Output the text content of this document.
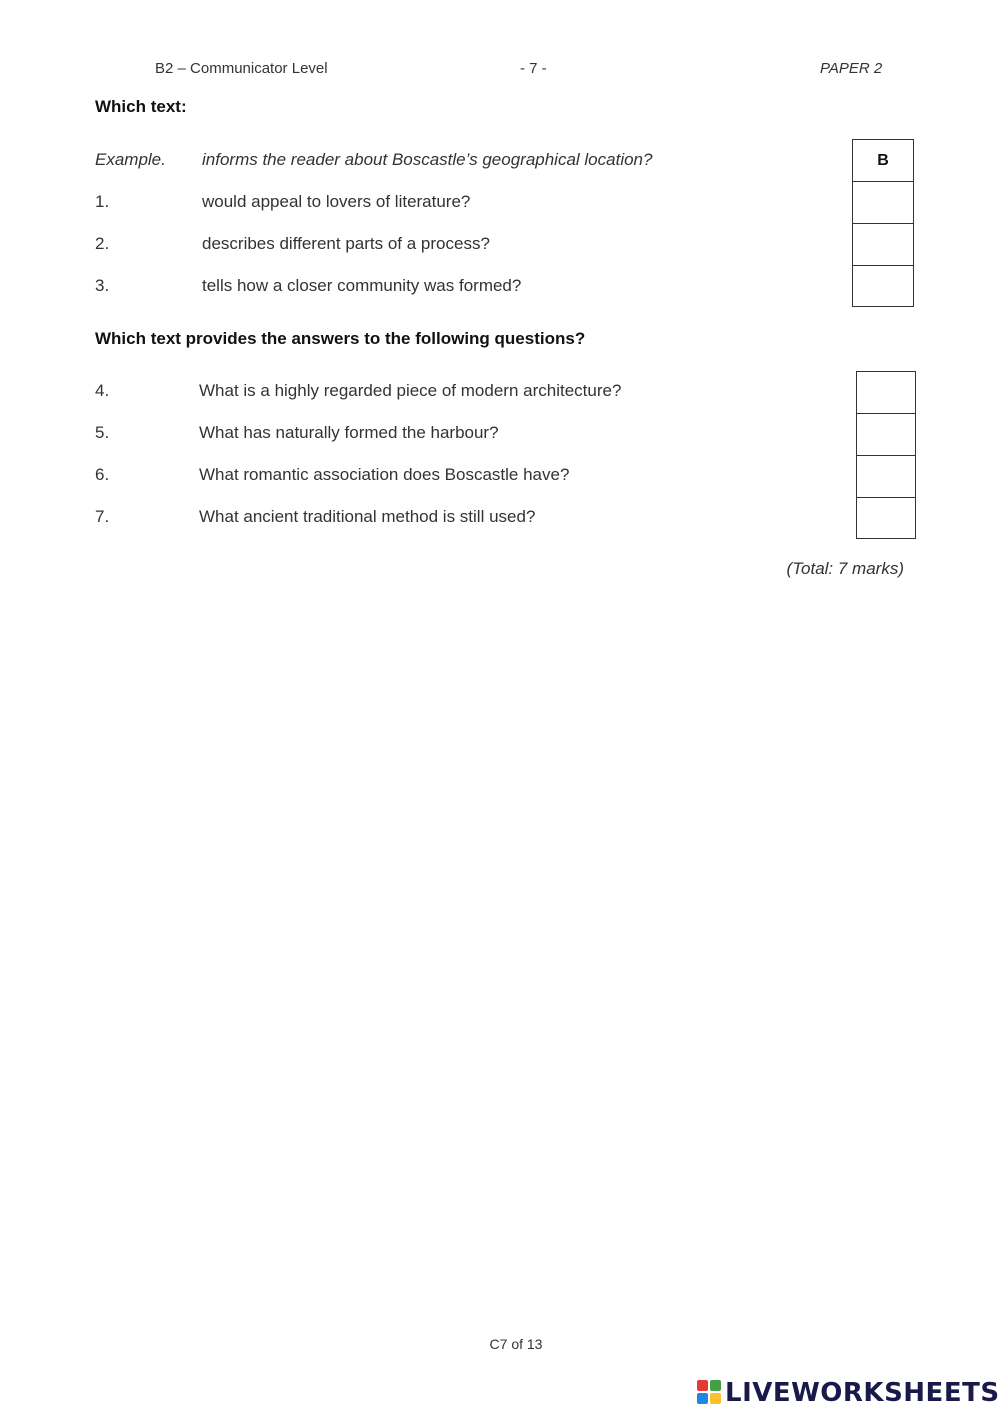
B2 – Communicator Level	- 7 -	PAPER 2
Which text:
Example. informs the reader about Boscastle’s geographical location?	B
1.	would appeal to lovers of literature?
2.	describes different parts of a process?
3.	tells how a closer community was formed?
Which text provides the answers to the following questions?
4.	What is a highly regarded piece of modern architecture?
5.	What has naturally formed the harbour?
6.	What romantic association does Boscastle have?
7.	What ancient traditional method is still used?
(Total: 7 marks)
C7 of 13
LIVEWORKSHEETS
